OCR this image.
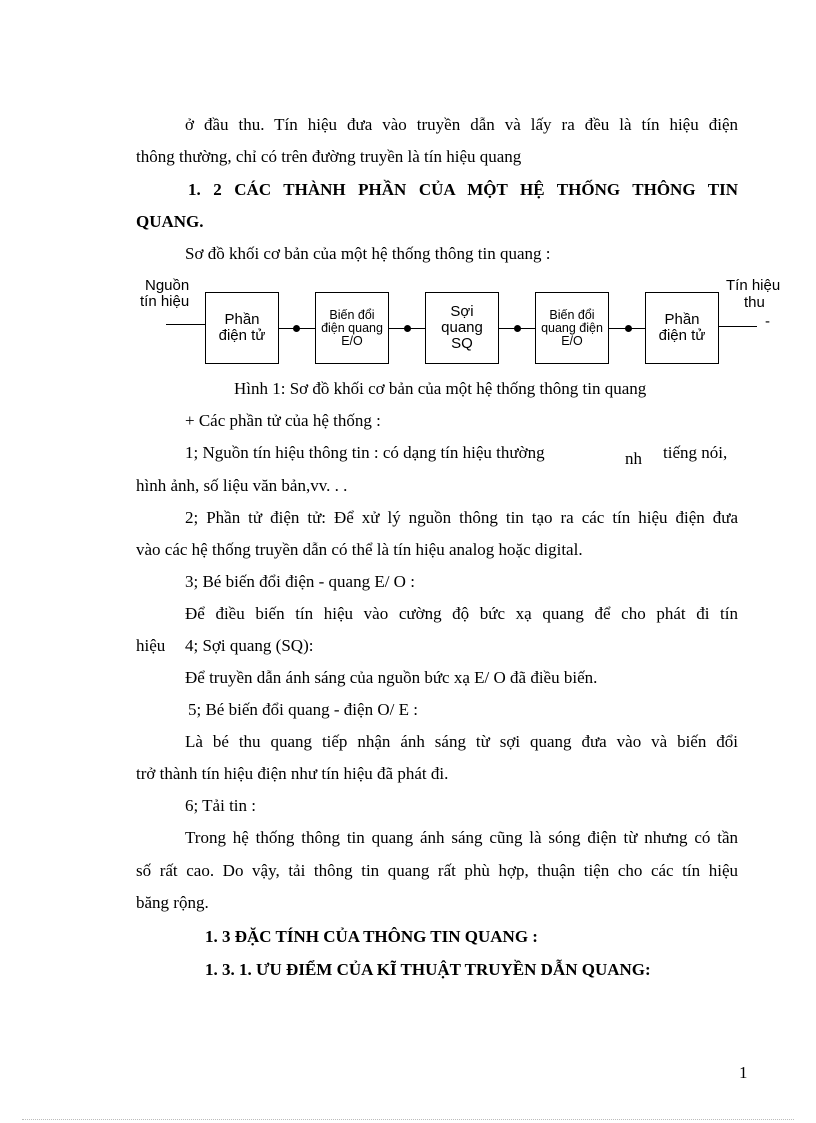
ở đầu thu. Tín hiệu đưa vào truyền dẫn và lấy ra đều là tín hiệu điện
thông thường, chỉ có trên đường truyền là tín hiệu quang
1. 2 CÁC THÀNH PHẦN CỦA MỘT HỆ THỐNG THÔNG TIN
QUANG.
Sơ đồ khối cơ bản của một hệ thống thông tin quang :
Nguồn
tín hiệu
Tín hiệu
thu
-
Phần
điện tử
Biến đổi
điện quang
E/O
Sợi
quang
SQ
Biến đổi
quang điện
E/O
Phần
điện tử
Hình 1: Sơ đồ khối cơ bản của một hệ thống thông tin quang
+ Các phần tử của hệ thống :
1; Nguồn tín hiệu thông tin : có dạng tín hiệu thường	nh tiếng nói,
hình ảnh, số liệu văn bản,vv. . .
2; Phần tử điện tử: Để xử lý nguồn thông tin tạo ra các tín hiệu điện đưa
vào các hệ thống truyền dẫn có thể là tín hiệu analog hoặc digital.
3; Bé biến đổi điện - quang E/ O :
Để điều biến tín hiệu vào cường độ bức xạ quang để cho phát đi tín
hiệu 4; Sợi quang (SQ):
Để truyền dẫn ánh sáng của nguồn bức xạ E/ O đã điều biến.
5; Bé biến đổi quang - điện O/ E :
Là bé thu quang tiếp nhận ánh sáng từ sợi quang đưa vào và biến đổi
trở thành tín hiệu điện như tín hiệu đã phát đi.
6; Tải tin :
Trong hệ thống thông tin quang ánh sáng cũng là sóng điện từ nhưng có tần
số rất cao. Do vậy, tải thông tin quang rất phù hợp, thuận tiện cho các tín hiệu
băng rộng.
1. 3 ĐẶC TÍNH CỦA THÔNG TIN QUANG :
1. 3. 1. ƯU ĐIỂM CỦA KĨ THUẬT TRUYỀN DẪN QUANG:
1
